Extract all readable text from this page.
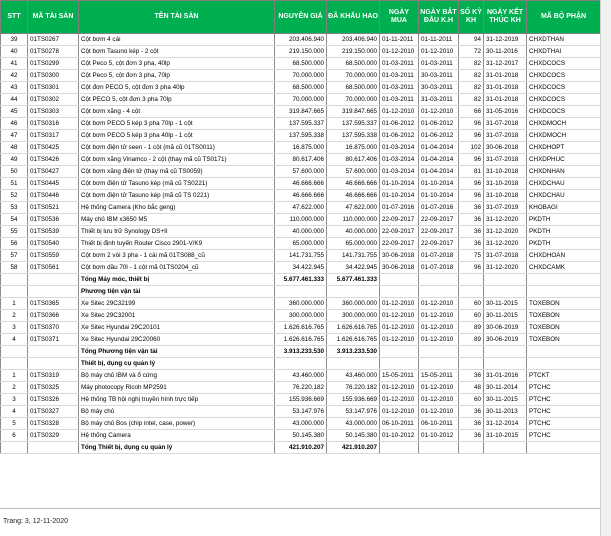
STT	MÃ TÀI SẢN	TÊN TÀI SẢN	NGUYÊN GIÁ	ĐÃ KHẤU HAO	NGÀY MUA	NGÀY BẮT ĐẦU K.H	SỐ KỲ KH	NGÀY KẾT THÚC KH	MÃ BỘ PHẬN
39	01TS0267	Cột bơm 4 cái	203.406.940	203.406.940	01-11-2011	01-11-2011	94	31-12-2019	CHXDTHAN
40	01TS0278	Cột bơm Tasuno kép - 2 cột	219.150.000	219.150.000	01-12-2010	01-12-2010	72	30-11-2016	CHXDTHAI
41	01TS0299	Cột Peco 5, cột đơn 3 pha, 40lp	68.500.000	68.500.000	01-03-2011	01-03-2011	82	31-12-2017	CHXDCOCS
42	01TS0300	Cột Peco 5, cột đơn 3 pha, 70lp	70.000.000	70.000.000	01-03-2011	30-03-2011	82	31-01-2018	CHXDCOCS
43	01TS0301	Cột đơn PECO 5, cột đơn 3 pha 40lp	68.500.000	68.500.000	01-03-2011	30-03-2011	82	31-01-2018	CHXDCOCS
44	01TS0302	Cột PECO 5, cột đơn 3 pha 70lp	70.000.000	70.000.000	01-03-2011	31-03-2011	82	31-01-2018	CHXDCOCS
45	01TS0303	Cột bơm xăng - 4 cột	319.847.665	319.847.665	01-12-2010	01-12-2010	66	31-05-2016	CHXDCOCS
46	01TS0316	Cột bơm PECO 5 kép 3 pha 70lp - 1 cột	137.595.337	137.595.337	01-06-2012	01-06-2012	96	31-07-2018	CHXDMOCH
47	01TS0317	Cột bơm PECO 5 kép 3 pha 40lp - 1 cột	137.595.338	137.595.338	01-06-2012	01-06-2012	96	31-07-2018	CHXDMOCH
48	01TS0425	Cột bơm điện tử seen - 1 cột (mã cũ 01TS0011)	16.875.000	16.875.000	01-03-2014	01-04-2014	102	30-06-2018	CHXDHOPT
49	01TS0426	Cột bơm xăng Vinamco - 2 cột (thay mã cũ TS0171)	80.617.406	80.617.406	01-03-2014	01-04-2014	96	31-07-2018	CHXDPHUC
50	01TS0427	Cột bơm xăng điện tử (thay mã cũ TS0059)	57.600.000	57.600.000	01-03-2014	01-04-2014	81	31-10-2018	CHXDNHAN
51	01TS0445	Cột bơm điện tử Tasuno kép (mã cũ TS0221)	46.666.666	46.666.666	01-10-2014	01-10-2014	96	31-10-2018	CHXDCHAU
52	01TS0446	Cột bơm điện tử Tasuno kép (mã cũ TS 0221)	46.666.666	46.666.666	01-10-2014	01-10-2014	96	31-10-2018	CHXDCHAU
53	01TS0521	Hệ thống Camera (Kho bắc geng)	47.622.000	47.622.000	01-07-2016	01-07-2016	36	31-07-2019	KHOBAGI
54	01TS0536	Máy chủ IBM x3650 M5	110.000.000	110.000.000	22-09-2017	22-09-2017	36	31-12-2020	PKDTH
55	01TS0539	Thiết bị lưu trữ Synology DS+II	40.000.000	40.000.000	22-09-2017	22-09-2017	36	31-12-2020	PKDTH
56	01TS0540	Thiết bị định tuyến Router Cisco 2901-V/K9	65.000.000	65.000.000	22-09-2017	22-09-2017	36	31-12-2020	PKDTH
57	01TS0559	Cột bơm 2 vòi 3 pha - 1 cái mã 01TS088_cũ	141.731.755	141.731.755	30-06-2018	01-07-2018	75	31-07-2018	CHXDHOAN
58	01TS0561	Cột bơm dầu 70l - 1 cột mã 01TS0204_cũ	34.422.945	34.422.945	30-06-2018	01-07-2018	96	31-12-2020	CHXDCAMK
		Tổng Máy móc, thiết bị	5.677.461.333	5.677.461.333					
		Phương tiện vận tải							
1	01TS0365	Xe Sitec 29C32199	360.000.000	360.000.000	01-12-2010	01-12-2010	60	30-11-2015	TOXEBON
2	01TS0366	Xe Sitec 29C32001	300.000.000	300.000.000	01-12-2010	01-12-2010	60	30-11-2015	TOXEBON
3	01TS0370	Xe Sitec Hyundai 29C20101	1.626.616.765	1.626.616.765	01-12-2010	01-12-2010	89	30-06-2019	TOXEBON
4	01TS0371	Xe Sitec Hyundai 29C20060	1.626.616.765	1.626.616.765	01-12-2010	01-12-2010	89	30-06-2019	TOXEBON
		Tổng Phương tiện vận tải	3.913.233.530	3.913.233.530					
		Thiết bị, dụng cụ quản lý							
1	01TS0319	Bộ máy chủ IBM và ổ cứng	43.460.000	43.460.000	15-05-2011	15-05-2011	36	31-01-2016	PTCKT
2	01TS0325	Máy photocopy Ricoh MP2591	76.220.182	76.220.182	01-12-2010	01-12-2010	48	30-11-2014	PTCHC
3	01TS0326	Hệ thống TB hội nghị truyền hình trực tiếp	155.936.669	155.936.669	01-12-2010	01-12-2010	60	30-11-2015	PTCHC
4	01TS0327	Bộ máy chủ	53.147.976	53.147.976	01-12-2010	01-12-2010	36	30-11-2013	PTCHC
5	01TS0328	Bộ máy chủ Bos (chip intel, case, power)	43.000.000	43.000.000	06-10-2011	06-10-2011	36	31-12-2014	PTCHC
6	01TS0329	Hệ thống Camera	50.145.380	50.145.380	01-10-2012	01-10-2012	36	31-10-2015	PTCHC
		Tổng Thiết bị, dụng cụ quản lý	421.910.207	421.910.207					
Trang: 3, 12-11-2020
